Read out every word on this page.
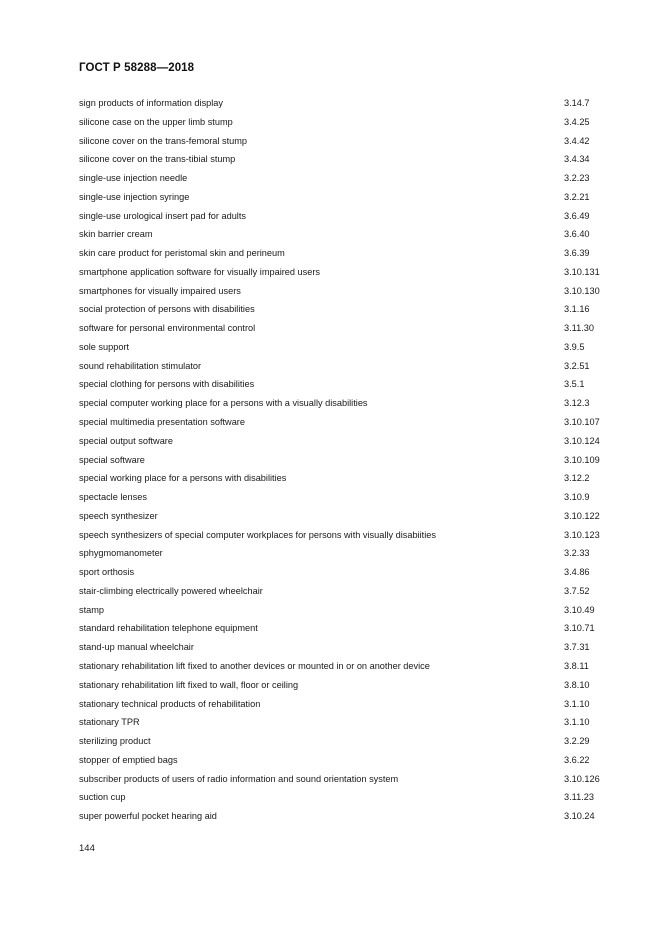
ГОСТ Р 58288—2018
sign products of information display	3.14.7
silicone case on the upper limb stump	3.4.25
silicone cover on the trans-femoral stump	3.4.42
silicone cover on the trans-tibial stump	3.4.34
single-use injection needle	3.2.23
single-use injection syringe	3.2.21
single-use urological insert pad for adults	3.6.49
skin barrier cream	3.6.40
skin care product for peristomal skin and perineum	3.6.39
smartphone application software for visually impaired users	3.10.131
smartphones for visually impaired users	3.10.130
social protection of persons with disabilities	3.1.16
software for personal environmental control	3.11.30
sole support	3.9.5
sound rehabilitation stimulator	3.2.51
special clothing for persons with disabilities	3.5.1
special computer working place for a persons with a visually disabilities	3.12.3
special multimedia presentation software	3.10.107
special output software	3.10.124
special software	3.10.109
special working place for a persons with disabilities	3.12.2
spectacle lenses	3.10.9
speech synthesizer	3.10.122
speech synthesizers of special computer workplaces for persons with visually disabiities	3.10.123
sphygmomanometer	3.2.33
sport orthosis	3.4.86
stair-climbing electrically powered wheelchair	3.7.52
stamp	3.10.49
standard rehabilitation telephone equipment	3.10.71
stand-up manual wheelchair	3.7.31
stationary rehabilitation lift fixed to another devices or mounted in or on another device	3.8.11
stationary rehabilitation lift fixed to wall, floor or ceiling	3.8.10
stationary technical products of rehabilitation	3.1.10
stationary TPR	3.1.10
sterilizing product	3.2.29
stopper of emptied bags	3.6.22
subscriber products of users of radio information and sound orientation system	3.10.126
suction cup	3.11.23
super powerful pocket hearing aid	3.10.24
144
